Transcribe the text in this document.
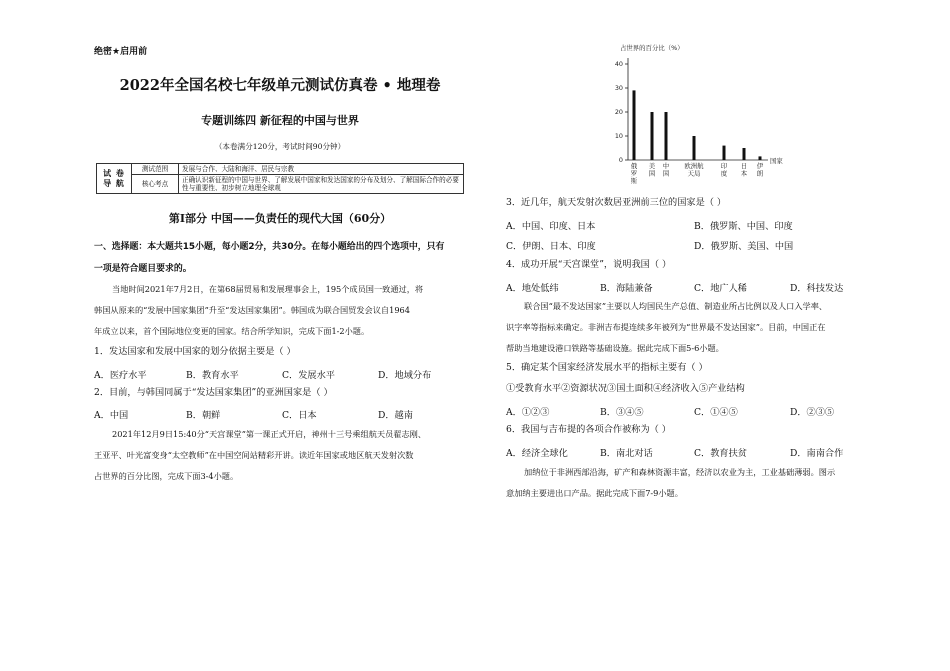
绝密★启用前
2022年全国名校七年级单元测试仿真卷 • 地理卷
专题训练四 新征程的中国与世界
（本卷满分120分，考试时间90分钟）
试 卷 导 航	测试范围	发展与合作、大陆和海洋、居民与宗教
	核心考点	正确认识新征程的中国与世界、了解发展中国家和发达国家的分布及划分、了解国际合作的必要性与重要性、初步树立地理全球观
第Ⅰ部分 中国——负责任的现代大国（60分）
一、选择题：本大题共15小题，每小题2分，共30分。在每小题给出的四个选项中，只有
一项是符合题目要求的。
当地时间2021年7月2日，在第68届贸易和发展理事会上，195个成员国一致通过，将
韩国从原来的“发展中国家集团”升至“发达国家集团”。韩国成为联合国贸发会议自1964
年成立以来，首个国际地位变更的国家。结合所学知识，完成下面1-2小题。
1．发达国家和发展中国家的划分依据主要是（ ）
A．医疗水平	B．教育水平	C．发展水平	D．地域分布
2．目前，与韩国同属于“发达国家集团”的亚洲国家是（ ）
A．中国	B．朝鲜	C．日本	D．越南
2021年12月9日15:40分“天宫课堂”第一课正式开启，神州十三号乘组航天员翟志刚、
王亚平、叶光富变身“太空教师”在中国空间站精彩开讲。读近年国家或地区航天发射次数
占世界的百分比图，完成下面3-4小题。
占世界的百分比（%）
0
10
20
30
40
俄
罗
斯
美
国
中
国
欧洲航
天局
印
度
日
本
伊
朗
国家
3．近几年，航天发射次数居亚洲前三位的国家是（ ）
A．中国、印度、日本	B．俄罗斯、中国、印度
C．伊朗、日本、印度	D．俄罗斯、美国、中国
4．成功开展“天宫课堂”，说明我国（ ）
A．地处低纬	B．海陆兼备	C．地广人稀	D．科技发达
联合国“最不发达国家”主要以人均国民生产总值、制造业所占比例以及人口入学率、
识字率等指标来确定。非洲吉布提连续多年被列为“世界最不发达国家”。目前，中国正在
帮助当地建设港口铁路等基础设施。据此完成下面5-6小题。
5．确定某个国家经济发展水平的指标主要有（ ）
①受教育水平②资源状况③国土面积④经济收入⑤产业结构
A．①②③	B．③④⑤	C．①④⑤	D．②③⑤
6．我国与吉布提的各项合作被称为（ ）
A．经济全球化	B．南北对话	C．教育扶贫	D．南南合作
加纳位于非洲西部沿海，矿产和森林资源丰富，经济以农业为主，工业基础薄弱。图示
意加纳主要进出口产品。据此完成下面7-9小题。
